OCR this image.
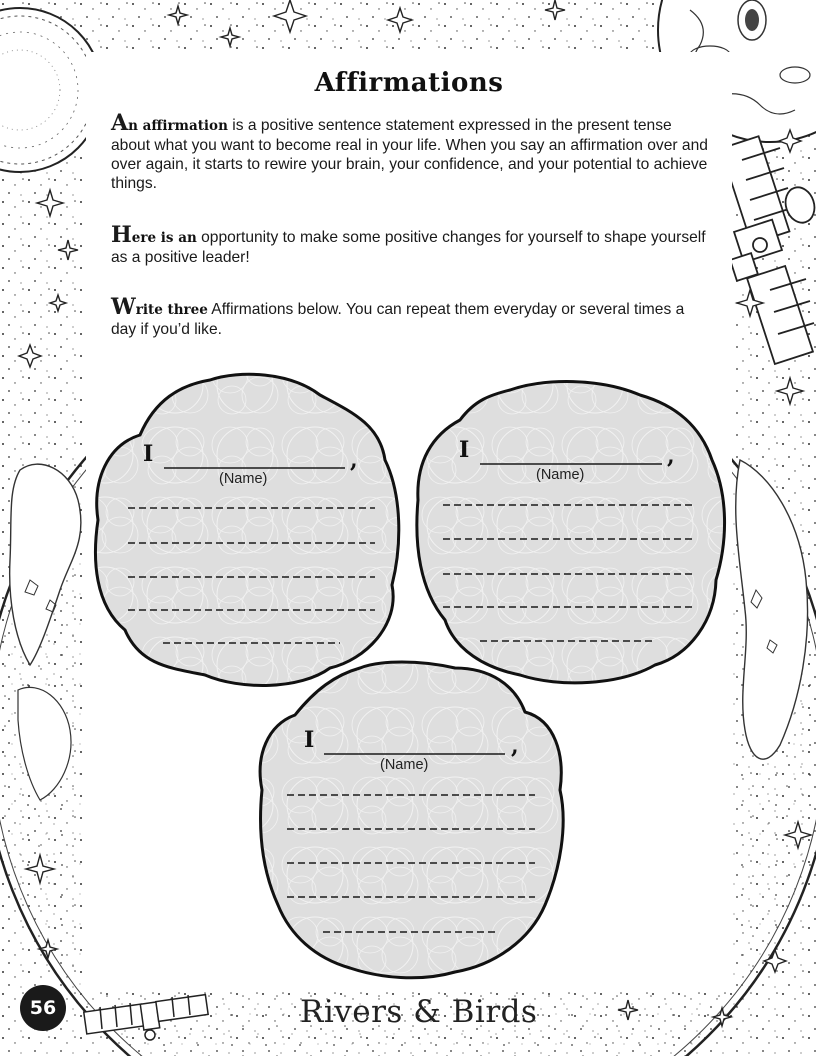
Affirmations
An affirmation is a positive sentence statement expressed in the present tense about what you want to become real in your life. When you say an affirmation over and over again, it starts to rewire your brain, your confidence, and your potential to achieve things.
Here is an opportunity to make some positive changes for yourself to shape yourself as a positive leader!
Write three Affirmations below. You can repeat them everyday or several times a day if you’d like.
I	,
(Name)
I	,
(Name)
I	,
(Name)
56	Rivers & Birds
